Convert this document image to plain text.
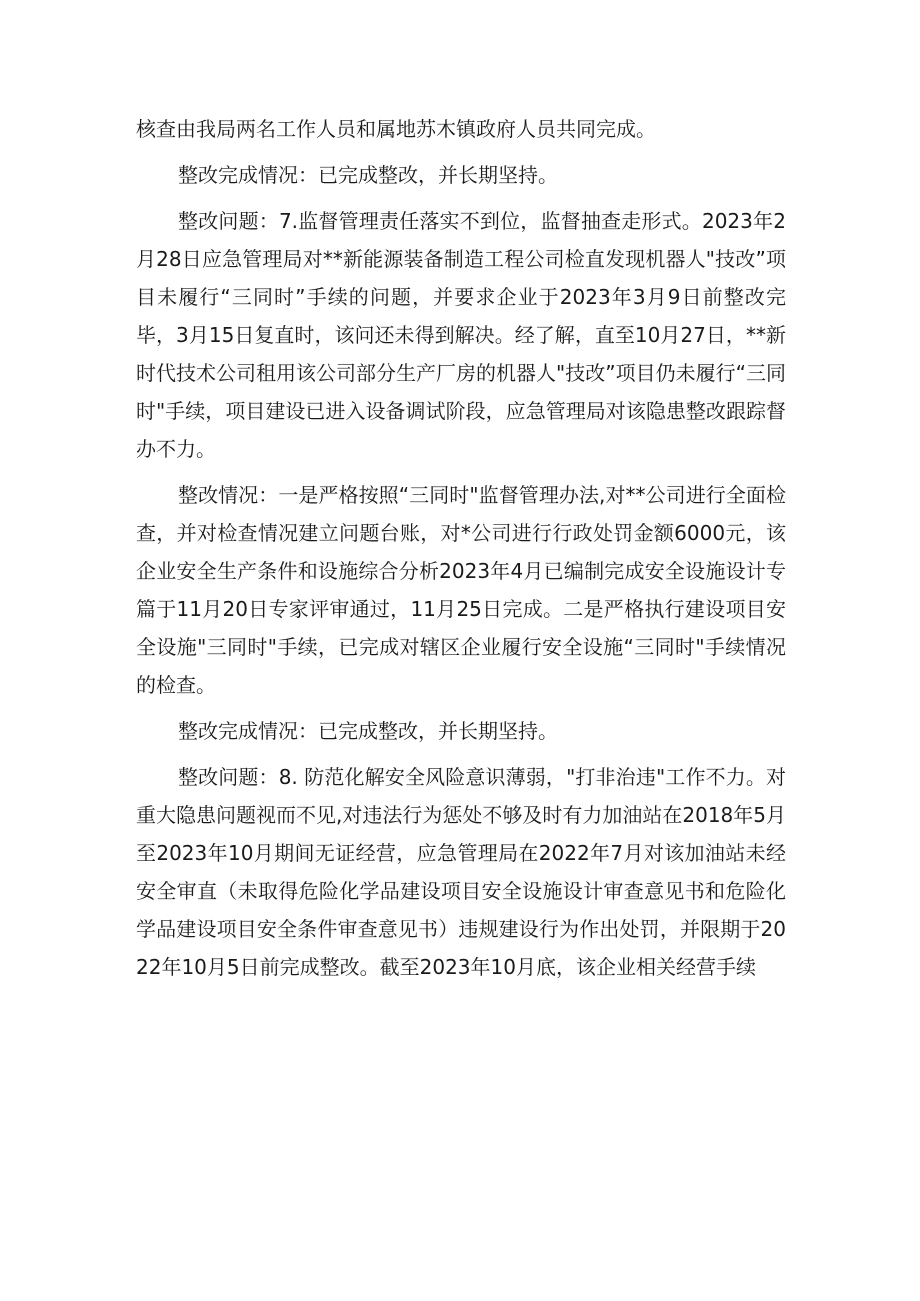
核查由我局两名工作人员和属地苏木镇政府人员共同完成。

整改完成情况：已完成整改，并长期坚持。

整改问题：7.监督管理责任落实不到位，监督抽查走形式。2023年2月28日应急管理局对**新能源装备制造工程公司检直发现机器人"技改”项目未履行“三同时”手续的问题，并要求企业于2023年3月9日前整改完毕，3月15日复直时，该问还未得到解决。经了解，直至10月27日，**新时代技术公司租用该公司部分生产厂房的机器人"技改”项目仍未履行“三同时"手续，项目建设已进入设备调试阶段，应急管理局对该隐患整改跟踪督办不力。

整改情况：一是严格按照“三同时"监督管理办法,对**公司进行全面检查，并对检查情况建立问题台账，对*公司进行行政处罚金额6000元，该企业安全生产条件和设施综合分析2023年4月已编制完成安全设施设计专篇于11月20日专家评审通过，11月25日完成。二是严格执行建设项目安全设施"三同时"手续，已完成对辖区企业履行安全设施“三同时"手续情况的检查。

整改完成情况：已完成整改，并长期坚持。

整改问题：8. 防范化解安全风险意识薄弱，"打非治违"工作不力。对重大隐患问题视而不见,对违法行为惩处不够及时有力加油站在2018年5月至2023年10月期间无证经营，应急管理局在2022年7月对该加油站未经安全审直（未取得危险化学品建设项目安全设施设计审查意见书和危险化学品建设项目安全条件审查意见书）违规建设行为作出处罚，并限期于2022年10月5日前完成整改。截至2023年10月底，该企业相关经营手续
